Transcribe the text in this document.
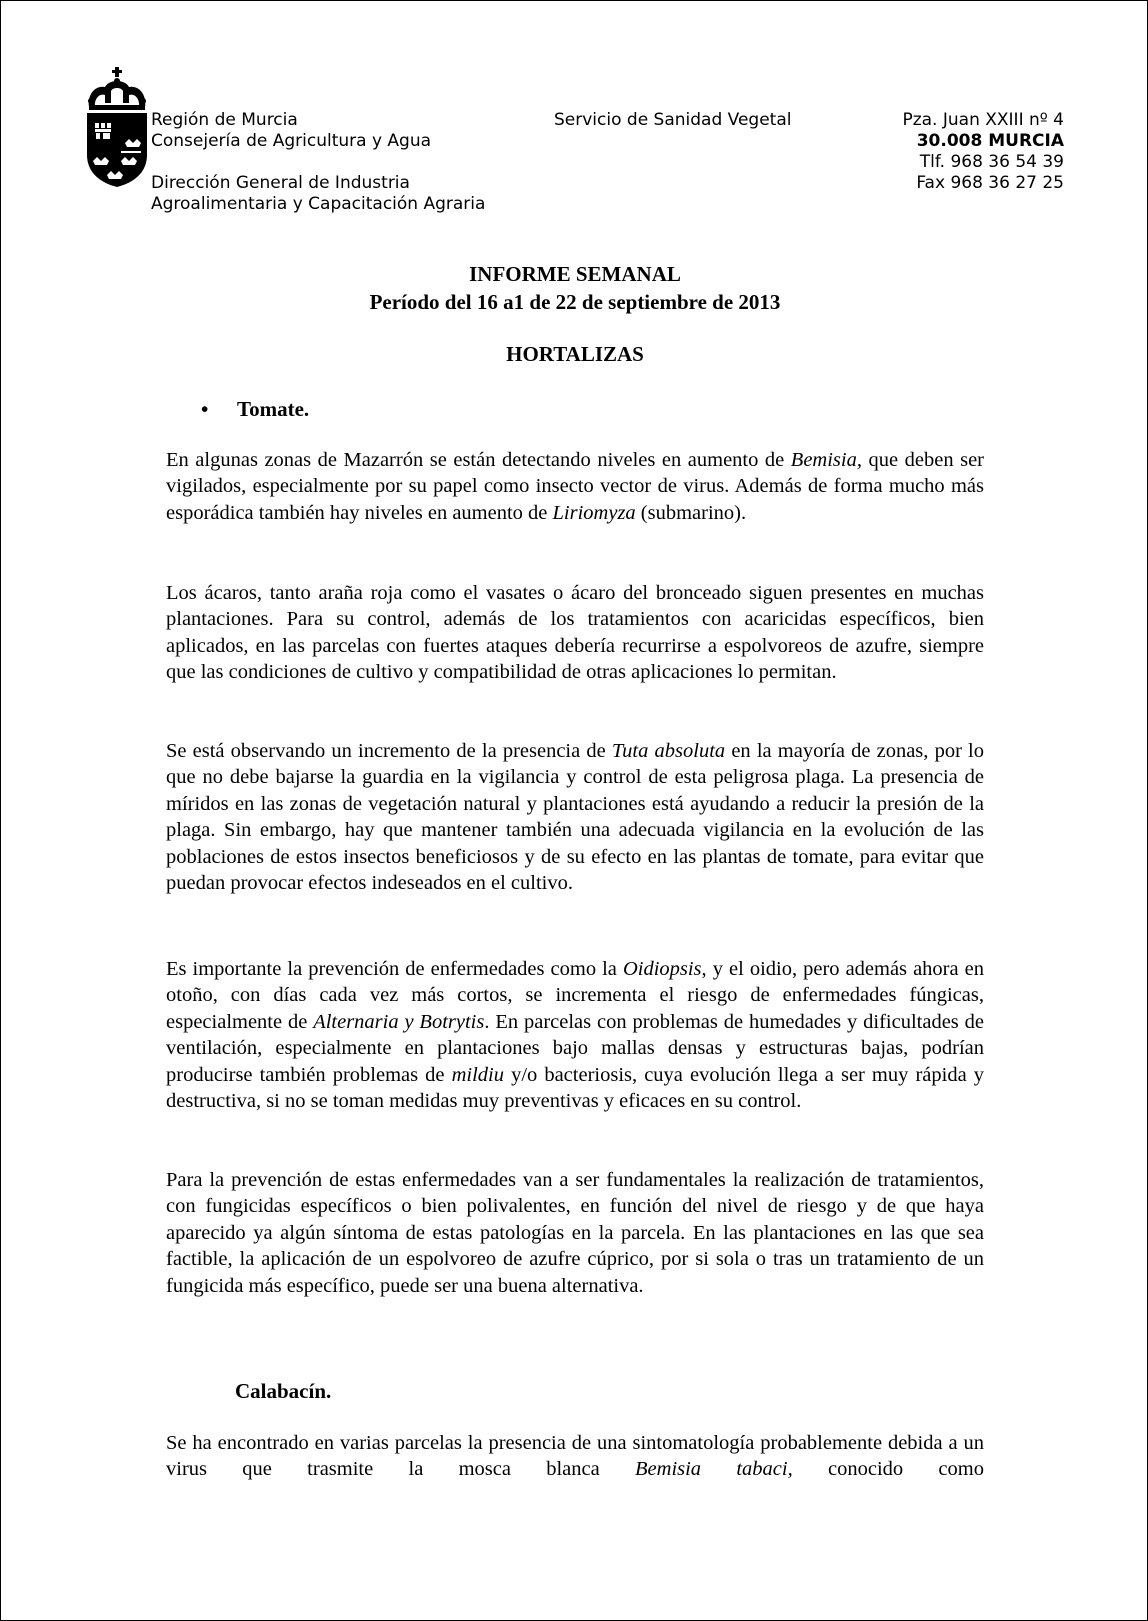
Región de Murcia
Consejería de Agricultura y Agua
Dirección General de Industria
Agroalimentaria y Capacitación Agraria
Servicio de Sanidad Vegetal	Pza. Juan XXIII nº 4
30.008 MURCIA
Tlf. 968 36 54 39
Fax 968 36 27 25
INFORME SEMANAL
Período del 16 a1 de 22 de septiembre de 2013
HORTALIZAS
• Tomate.

En algunas zonas de Mazarrón se están detectando niveles en aumento de Bemisia, que deben ser vigilados, especialmente por su papel como insecto vector de virus. Además de forma mucho más esporádica también hay niveles en aumento de Liriomyza (submarino).

Los ácaros, tanto araña roja como el vasates o ácaro del bronceado siguen presentes en muchas plantaciones. Para su control, además de los tratamientos con acaricidas específicos, bien aplicados, en las parcelas con fuertes ataques debería recurrirse a espolvoreos de azufre, siempre que las condiciones de cultivo y compatibilidad de otras aplicaciones lo permitan.

Se está observando un incremento de la presencia de Tuta absoluta en la mayoría de zonas, por lo que no debe bajarse la guardia en la vigilancia y control de esta peligrosa plaga. La presencia de míridos en las zonas de vegetación natural y plantaciones está ayudando a reducir la presión de la plaga. Sin embargo, hay que mantener también una adecuada vigilancia en la evolución de las poblaciones de estos insectos beneficiosos y de su efecto en las plantas de tomate, para evitar que puedan provocar efectos indeseados en el cultivo.

Es importante la prevención de enfermedades como la Oidiopsis, y el oidio, pero además ahora en otoño, con días cada vez más cortos, se incrementa el riesgo de enfermedades fúngicas, especialmente de Alternaria y Botrytis. En parcelas con problemas de humedades y dificultades de ventilación, especialmente en plantaciones bajo mallas densas y estructuras bajas, podrían producirse también problemas de mildiu y/o bacteriosis, cuya evolución llega a ser muy rápida y destructiva, si no se toman medidas muy preventivas y eficaces en su control.

Para la prevención de estas enfermedades van a ser fundamentales la realización de tratamientos, con fungicidas específicos o bien polivalentes, en función del nivel de riesgo y de que haya aparecido ya algún síntoma de estas patologías en la parcela. En las plantaciones en las que sea factible, la aplicación de un espolvoreo de azufre cúprico, por si sola o tras un tratamiento de un fungicida más específico, puede ser una buena alternativa.

Calabacín.

Se ha encontrado en varias parcelas la presencia de una sintomatología probablemente debida a un virus que trasmite la mosca blanca Bemisia tabaci, conocido como
